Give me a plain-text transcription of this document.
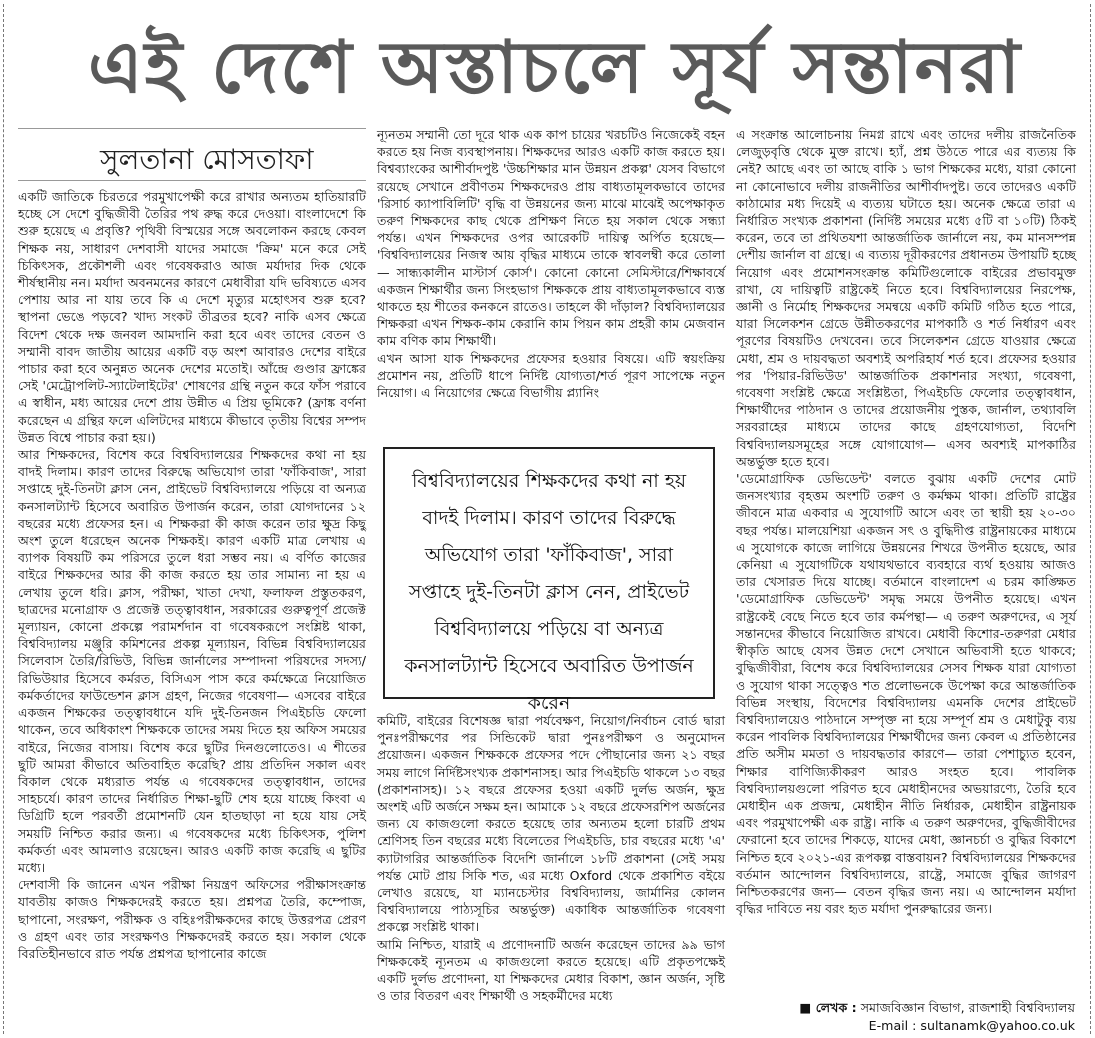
এই দেশে অস্তাচলে সূর্য সন্তানরা
সুলতানা মোসতাফা

একটি জাতিকে চিরতরে পরমুখাপেক্ষী করে রাখার অন্যতম হাতিয়ারটি হচ্ছে সে দেশে বুদ্ধিজীবী তৈরির পথ রুদ্ধ করে দেওয়া। বাংলাদেশে কি শুরু হয়েছে এ প্রবৃত্তি? পৃথিবী বিস্ময়ের সঙ্গে অবলোকন করছে কেবল শিক্ষক নয়, সাধারণ দেশবাসী যাদের সমাজে 'ক্রিম' মনে করে সেই চিকিৎসক, প্রকৌশলী এবং গবেষকরাও আজ মর্যাদার দিক থেকে শীর্ষস্থানীয় নন। মর্যাদা অবনমনের কারণে মেধাবীরা যদি ভবিষ্যতে এসব পেশায় আর না যায় তবে কি এ দেশে মৃত্যুর মহোৎসব শুরু হবে? স্থাপনা ভেঙে পড়বে? খাদ্য সংকট তীব্রতর হবে? নাকি এসব ক্ষেত্রে বিদেশ থেকে দক্ষ জনবল আমদানি করা হবে এবং তাদের বেতন ও সম্মানী বাবদ জাতীয় আয়ের একটি বড় অংশ আবারও দেশের বাইরে পাচার করা হবে অনুন্নত অনেক দেশের মতোই। আঁন্দ্রে গুণ্ডার ফ্রাঙ্কের সেই 'মেট্রোপলিট-স্যাটেলাইটের' শোষণের গ্রন্থি নতুন করে ফাঁস পরাবে এ স্বাধীন, মধ্য আয়ের দেশে প্রায় উন্নীত এ প্রিয় ভূমিকে? (ফ্রাঙ্ক বর্ণনা করেছেন এ গ্রন্থির ফলে এলিটদের মাধ্যমে কীভাবে তৃতীয় বিশ্বের সম্পদ উন্নত বিশ্বে পাচার করা হয়।)

আর শিক্ষকদের, বিশেষ করে বিশ্ববিদ্যালয়ের শিক্ষকদের কথা না হয় বাদই দিলাম। কারণ তাদের বিরুদ্ধে অভিযোগ তারা 'ফাঁকিবাজ', সারা সপ্তাহে দুই-তিনটা ক্লাস নেন, প্রাইভেট বিশ্ববিদ্যালয়ে পড়িয়ে বা অন্যত্র কনসালট্যান্ট হিসেবে অবারিত উপার্জন করেন, তারা যোগদানের ১২ বছরের মধ্যে প্রফেসর হন। এ শিক্ষকরা কী কাজ করেন তার ক্ষুদ্র কিছু অংশ তুলে ধরেছেন অনেক শিক্ষকই। কারণ একটি মাত্র লেখায় এ ব্যাপক বিষয়টি কম পরিসরে তুলে ধরা সম্ভব নয়। এ বর্ণিত কাজের বাইরে শিক্ষকদের আর কী কাজ করতে হয় তার সামান্য না হয় এ লেখায় তুলে ধরি। ক্লাস, পরীক্ষা, খাতা দেখা, ফলাফল প্রস্তুতকরণ, ছাত্রদের মনোগ্রাফ ও প্রজেক্ট তত্ত্বাবধান, সরকারের গুরুত্বপূর্ণ প্রজেক্ট মূল্যায়ন, কোনো প্রকল্পে পরামর্শদান বা গবেষকরূপে সংশ্লিষ্ট থাকা, বিশ্ববিদ্যালয় মঞ্জুরি কমিশনের প্রকল্প মূল্যায়ন, বিভিন্ন বিশ্ববিদ্যালয়ের সিলেবাস তৈরি/রিভিউ, বিভিন্ন জার্নালের সম্পাদনা পরিষদের সদস্য/রিভিউয়ার হিসেবে কর্মরত, বিসিএস পাস করে কর্মক্ষেত্রে নিয়োজিত কর্মকর্তাদের ফাউন্ডেশন ক্লাস গ্রহণ, নিজের গবেষণা— এসবের বাইরে একজন শিক্ষকের তত্ত্বাবধানে যদি দুই-তিনজন পিএইচডি ফেলো থাকেন, তবে অধিকাংশ শিক্ষককে তাদের সময় দিতে হয় অফিস সময়ের বাইরে, নিজের বাসায়। বিশেষ করে ছুটির দিনগুলোতেও। এ শীতের ছুটি আমরা কীভাবে অতিবাহিত করেছি? প্রায় প্রতিদিন সকাল এবং বিকাল থেকে মধ্যরাত পর্যন্ত এ গবেষকদের তত্ত্বাবধান, তাদের সাহচর্যে। কারণ তাদের নির্ধারিত শিক্ষা-ছুটি শেষ হয়ে যাচ্ছে কিংবা এ ডিগ্রিটি হলে পরবর্তী প্রমোশনটি যেন হাতছাড়া না হয়ে যায় সেই সময়টি নিশ্চিত করার জন্য। এ গবেষকদের মধ্যে চিকিৎসক, পুলিশ কর্মকর্তা এবং আমলাও রয়েছেন। আরও একটি কাজ করেছি এ ছুটির মধ্যে।

দেশবাসী কি জানেন এখন পরীক্ষা নিয়ন্ত্রণ অফিসের পরীক্ষাসংক্রান্ত যাবতীয় কাজও শিক্ষকদেরই করতে হয়। প্রশ্নপত্র তৈরি, কম্পোজ, ছাপানো, সংরক্ষণ, পরীক্ষক ও বহিঃপরীক্ষকদের কাছে উত্তরপত্র প্রেরণ ও গ্রহণ এবং তার সংরক্ষণও শিক্ষকদেরই করতে হয়। সকাল থেকে বিরতিহীনভাবে রাত পর্যন্ত প্রশ্নপত্র ছাপানোর কাজে

ন্যূনতম সম্মানী তো দূরে থাক এক কাপ চায়ের খরচটিও নিজেকেই বহন করতে হয় নিজ ব্যবস্থাপনায়। শিক্ষকদের আরও একটি কাজ করতে হয়। বিশ্বব্যাংকের আশীর্বাদপুষ্ট 'উচ্চশিক্ষার মান উন্নয়ন প্রকল্প' যেসব বিভাগে রয়েছে সেখানে প্রবীণতম শিক্ষকদেরও প্রায় বাধ্যতামূলকভাবে তাদের 'রিসার্চ ক্যাপাবিলিটি' বৃদ্ধি বা উন্নয়নের জন্য মাঝে মাঝেই অপেক্ষাকৃত তরুণ শিক্ষকদের কাছ থেকে প্রশিক্ষণ নিতে হয় সকাল থেকে সন্ধ্যা পর্যন্ত। এখন শিক্ষকদের ওপর আরেকটি দায়িত্ব অর্পিত হয়েছে— 'বিশ্ববিদ্যালয়ের নিজস্ব আয় বৃদ্ধির মাধ্যমে তাকে স্বাবলম্বী করে তোলা— সান্ধ্যকালীন মাস্টার্স কোর্স'। কোনো কোনো সেমিস্টারে/শিক্ষাবর্ষে একজন শিক্ষার্থীর জন্য সিংহভাগ শিক্ষককে প্রায় বাধ্যতামূলকভাবে ব্যস্ত থাকতে হয় শীতের কনকনে রাতেও। তাহলে কী দাঁড়াল? বিশ্ববিদ্যালয়ের শিক্ষকরা এখন শিক্ষক-কাম কেরানি কাম পিয়ন কাম প্রহরী কাম মেজবান কাম বণিক কাম শিক্ষার্থী।

এখন আসা যাক শিক্ষকদের প্রফেসর হওয়ার বিষয়ে। এটি স্বয়ংক্রিয় প্রমোশন নয়, প্রতিটি ধাপে নির্দিষ্ট যোগ্যতা/শর্ত পূরণ সাপেক্ষে নতুন নিয়োগ। এ নিয়োগের ক্ষেত্রে বিভাগীয় প্ল্যানিং

বিশ্ববিদ্যালয়ের শিক্ষকদের কথা না হয় বাদই দিলাম। কারণ তাদের বিরুদ্ধে অভিযোগ তারা 'ফাঁকিবাজ', সারা সপ্তাহে দুই-তিনটা ক্লাস নেন, প্রাইভেট বিশ্ববিদ্যালয়ে পড়িয়ে বা অন্যত্র কনসালট্যান্ট হিসেবে অবারিত উপার্জন করেন

কমিটি, বাইরের বিশেষজ্ঞ দ্বারা পর্যবেক্ষণ, নিয়োগ/নির্বাচন বোর্ড দ্বারা পুনঃপরীক্ষণের পর সিন্ডিকেট দ্বারা পুনঃপরীক্ষণ ও অনুমোদন প্রয়োজন। একজন শিক্ষককে প্রফেসর পদে পৌছানোর জন্য ২১ বছর সময় লাগে নির্দিষ্টসংখ্যক প্রকাশনাসহ। আর পিএইচডি থাকলে ১৩ বছর (প্রকাশনাসহ)। ১২ বছরে প্রফেসর হওয়া একটি দুর্লভ অর্জন, ক্ষুদ্র অংশই এটি অর্জনে সক্ষম হন। আমাকে ১২ বছরে প্রফেসরশিপ অর্জনের জন্য যে কাজগুলো করতে হয়েছে তার অন্যতম হলো চারটি প্রথম শ্রেণিসহ তিন বছরের মধ্যে বিলেতের পিএইচডি, চার বছরের মধ্যে 'এ' ক্যাটাগরির আন্তর্জাতিক বিদেশি জার্নালে ১৮টি প্রকাশনা (সেই সময় পর্যন্ত মোট প্রায় সিকি শত, এর মধ্যে Oxford থেকে প্রকাশিত বইয়ে লেখাও রয়েছে, যা ম্যানচেস্টার বিশ্ববিদ্যালয়, জার্মানির কোলন বিশ্ববিদ্যালয়ে পাঠ্যসূচির অন্তর্ভুক্ত) একাধিক আন্তর্জাতিক গবেষণা প্রকল্পে সংশ্লিষ্ট থাকা।

আমি নিশ্চিত, যারাই এ প্রণোদনাটি অর্জন করেছেন তাদের ৯৯ ভাগ শিক্ষককেই ন্যূনতম এ কাজগুলো করতে হয়েছে। এটি প্রকৃতপক্ষেই একটি দুর্লভ প্রণোদনা, যা শিক্ষকদের মেধার বিকাশ, জ্ঞান অর্জন, সৃষ্টি ও তার বিতরণ এবং শিক্ষার্থী ও সহকর্মীদের মধ্যে

এ সংক্রান্ত আলোচনায় নিমগ্ন রাখে এবং তাদের দলীয় রাজনৈতিক লেজুড়বৃত্তি থেকে মুক্ত রাখে। হ্যাঁ, প্রশ্ন উঠতে পারে এর ব্যত্যয় কি নেই? আছে এবং তা আছে বাকি ১ ভাগ শিক্ষকের মধ্যে, যারা কোনো না কোনোভাবে দলীয় রাজনীতির আশীর্বাদপুষ্ট। তবে তাদেরও একটি কাঠামোর মধ্য দিয়েই এ ব্যত্যয় ঘটাতে হয়। অনেক ক্ষেত্রে তারা এ নির্ধারিত সংখ্যক প্রকাশনা (নির্দিষ্ট সময়ের মধ্যে ৫টি বা ১০টি) ঠিকই করেন, তবে তা প্রথিতযশা আন্তর্জাতিক জার্নালে নয়, কম মানসম্পন্ন দেশীয় জার্নাল বা গ্রন্থে। এ ব্যত্যয় দূরীকরণের প্রধানতম উপায়টি হচ্ছে নিয়োগ এবং প্রমোশনসংক্রান্ত কমিটিগুলোকে বাইরের প্রভাবমুক্ত রাখা, যে দায়িত্বটি রাষ্ট্রকেই নিতে হবে। বিশ্ববিদ্যালয়ের নিরপেক্ষ, জ্ঞানী ও নির্মোহ শিক্ষকদের সমন্বয়ে একটি কমিটি গঠিত হতে পারে, যারা সিলেকশন গ্রেডে উন্নীতকরণের মাপকাঠি ও শর্ত নির্ধারণ এবং পূরণের বিষয়টিও দেখবেন। তবে সিলেকশন গ্রেডে যাওয়ার ক্ষেত্রে মেধা, শ্রম ও দায়বদ্ধতা অবশ্যই অপরিহার্য শর্ত হবে। প্রফেসর হওয়ার পর 'পিয়ার-রিভিউড' আন্তর্জাতিক প্রকাশনার সংখ্যা, গবেষণা, গবেষণা সংশ্লিষ্ট ক্ষেত্রে সংশ্লিষ্টতা, পিএইচডি ফেলোর তত্ত্বাবধান, শিক্ষার্থীদের পাঠদান ও তাদের প্রয়োজনীয় পুস্তক, জার্নাল, তথ্যাবলি সরবরাহের মাধ্যমে তাদের কাছে গ্রহণযোগ্যতা, বিদেশি বিশ্ববিদ্যালয়সমূহের সঙ্গে যোগাযোগ— এসব অবশ্যই মাপকাঠির অন্তর্ভুক্ত হতে হবে।

'ডেমোগ্রাফিক ডেভিডেন্ট' বলতে বুঝায় একটি দেশের মোট জনসংখ্যার বৃহত্তম অংশটি তরুণ ও কর্মক্ষম থাকা। প্রতিটি রাষ্ট্রের জীবনে মাত্র একবার এ সুযোগটি আসে এবং তা স্থায়ী হয় ২০-৩০ বছর পর্যন্ত। মালয়েশিয়া একজন সৎ ও বুদ্ধিদীপ্ত রাষ্ট্রনায়কের মাধ্যমে এ সুযোগকে কাজে লাগিয়ে উন্নয়নের শিখরে উপনীত হয়েছে, আর কেনিয়া এ সুযোগটিকে যথাযথভাবে ব্যবহারে ব্যর্থ হওয়ায় আজও তার খেসারত দিয়ে যাচ্ছে। বর্তমানে বাংলাদেশ এ চরম কাঙ্ক্ষিত 'ডেমোগ্রাফিক ডেভিডেন্ট' সমৃদ্ধ সময়ে উপনীত হয়েছে। এখন রাষ্ট্রকেই বেছে নিতে হবে তার কর্মপন্থা— এ তরুণ অরুণদের, এ সূর্য সন্তানদের কীভাবে নিয়োজিত রাখবে। মেধাবী কিশোর-তরুণরা মেধার স্বীকৃতি আছে যেসব উন্নত দেশে সেখানে অভিবাসী হতে থাকবে; বুদ্ধিজীবীরা, বিশেষ করে বিশ্ববিদ্যালয়ের সেসব শিক্ষক যারা যোগ্যতা ও সুযোগ থাকা সত্ত্বেও শত প্রলোভনকে উপেক্ষা করে আন্তর্জাতিক বিভিন্ন সংস্থায়, বিদেশের বিশ্ববিদ্যালয় এমনকি দেশের প্রাইভেট বিশ্ববিদ্যালয়েও পাঠদানে সম্পৃক্ত না হয়ে সম্পূর্ণ শ্রম ও মেধাটুকু ব্যয় করেন পাবলিক বিশ্ববিদ্যালয়ের শিক্ষার্থীদের জন্য কেবল এ প্রতিষ্ঠানের প্রতি অসীম মমতা ও দায়বদ্ধতার কারণে— তারা পেশাচ্যুত হবেন, শিক্ষার বাণিজ্যিকীকরণ আরও সংহত হবে। পাবলিক বিশ্ববিদ্যালয়গুলো পরিণত হবে মেধাহীনদের অভয়ারণ্যে, তৈরি হবে মেধাহীন এক প্রজন্ম, মেধাহীন নীতি নির্ধারক, মেধাহীন রাষ্ট্রনায়ক এবং পরমুখাপেক্ষী এক রাষ্ট্র। নাকি এ তরুণ অরুণদের, বুদ্ধিজীবীদের ফেরানো হবে তাদের শিকড়ে, যাদের মেধা, জ্ঞানচর্চা ও বুদ্ধির বিকাশে নিশ্চিত হবে ২০২১-এর রূপকল্প বাস্তবায়ন? বিশ্ববিদ্যালয়ের শিক্ষকদের বর্তমান আন্দোলন বিশ্ববিদ্যালয়ে, রাষ্ট্রে, সমাজে বুদ্ধির জাগরণ নিশ্চিতকরণের জন্য— বেতন বৃদ্ধির জন্য নয়। এ আন্দোলন মর্যাদা বৃদ্ধির দাবিতে নয় বরং হৃত মর্যাদা পুনরুদ্ধারের জন্য।

■ লেখক : সমাজবিজ্ঞান বিভাগ, রাজশাহী বিশ্ববিদ্যালয়
E-mail : sultanamk@yahoo.co.uk
